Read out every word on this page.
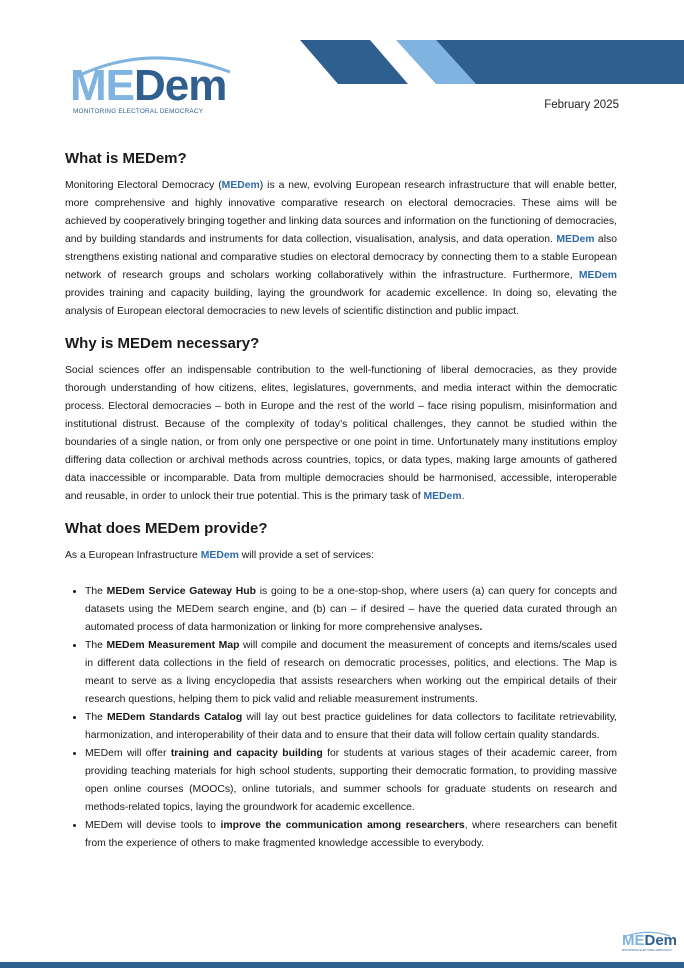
MEDem
MONITORING ELECTORAL DEMOCRACY
February 2025
What is MEDem?

Monitoring Electoral Democracy (MEDem) is a new, evolving European research infrastructure that will enable better, more comprehensive and highly innovative comparative research on electoral democracies. These aims will be achieved by cooperatively bringing together and linking data sources and information on the functioning of democracies, and by building standards and instruments for data collection, visualisation, analysis, and data operation. MEDem also strengthens existing national and comparative studies on electoral democracy by connecting them to a stable European network of research groups and scholars working collaboratively within the infrastructure. Furthermore, MEDem provides training and capacity building, laying the groundwork for academic excellence. In doing so, elevating the analysis of European electoral democracies to new levels of scientific distinction and public impact.

Why is MEDem necessary?

Social sciences offer an indispensable contribution to the well-functioning of liberal democracies, as they provide thorough understanding of how citizens, elites, legislatures, governments, and media interact within the democratic process. Electoral democracies – both in Europe and the rest of the world – face rising populism, misinformation and institutional distrust. Because of the complexity of today’s political challenges, they cannot be studied within the boundaries of a single nation, or from only one perspective or one point in time. Unfortunately many institutions employ differing data collection or archival methods across countries, topics, or data types, making large amounts of gathered data inaccessible or incomparable. Data from multiple democracies should be harmonised, accessible, interoperable and reusable, in order to unlock their true potential. This is the primary task of MEDem.

What does MEDem provide?

As a European Infrastructure MEDem will provide a set of services:

• The MEDem Service Gateway Hub is going to be a one-stop-shop, where users (a) can query for concepts and datasets using the MEDem search engine, and (b) can – if desired – have the queried data curated through an automated process of data harmonization or linking for more comprehensive analyses.
• The MEDem Measurement Map will compile and document the measurement of concepts and items/scales used in different data collections in the field of research on democratic processes, politics, and elections. The Map is meant to serve as a living encyclopedia that assists researchers when working out the empirical details of their research questions, helping them to pick valid and reliable measurement instruments.
• The MEDem Standards Catalog will lay out best practice guidelines for data collectors to facilitate retrievability, harmonization, and interoperability of their data and to ensure that their data will follow certain quality standards.
• MEDem will offer training and capacity building for students at various stages of their academic career, from providing teaching materials for high school students, supporting their democratic formation, to providing massive open online courses (MOOCs), online tutorials, and summer schools for graduate students on research and methods-related topics, laying the groundwork for academic excellence.
• MEDem will devise tools to improve the communication among researchers, where researchers can benefit from the experience of others to make fragmented knowledge accessible to everybody.
MEDem
MONITORING ELECTORAL DEMOCRACY
